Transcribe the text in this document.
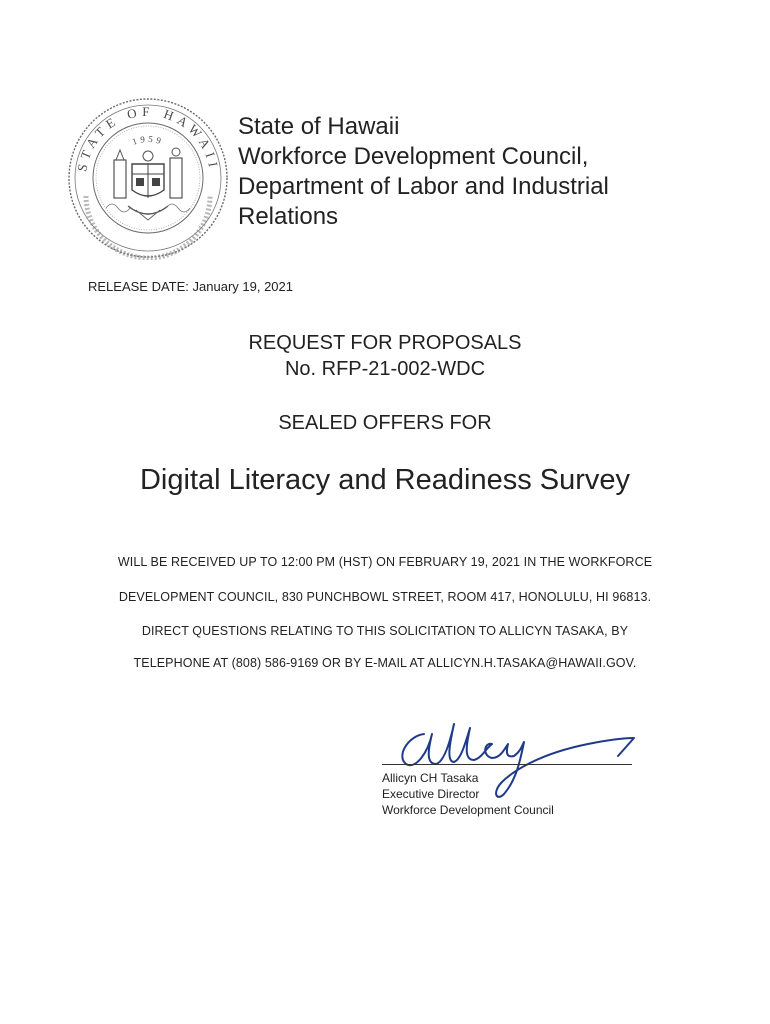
STATE OF HAWAII
1959
State of Hawaii
Workforce Development Council,
Department of Labor and Industrial
Relations
RELEASE DATE: January 19, 2021
REQUEST FOR PROPOSALS
No. RFP-21-002-WDC
SEALED OFFERS FOR
Digital Literacy and Readiness Survey
WILL BE RECEIVED UP TO 12:00 PM (HST) ON FEBRUARY 19, 2021 IN THE WORKFORCE
DEVELOPMENT COUNCIL, 830 PUNCHBOWL STREET, ROOM 417, HONOLULU, HI 96813.
DIRECT QUESTIONS RELATING TO THIS SOLICITATION TO ALLICYN TASAKA, BY
TELEPHONE AT (808) 586-9169 OR BY E-MAIL AT ALLICYN.H.TASAKA@HAWAII.GOV.
Allicyn CH Tasaka
Executive Director
Workforce Development Council
